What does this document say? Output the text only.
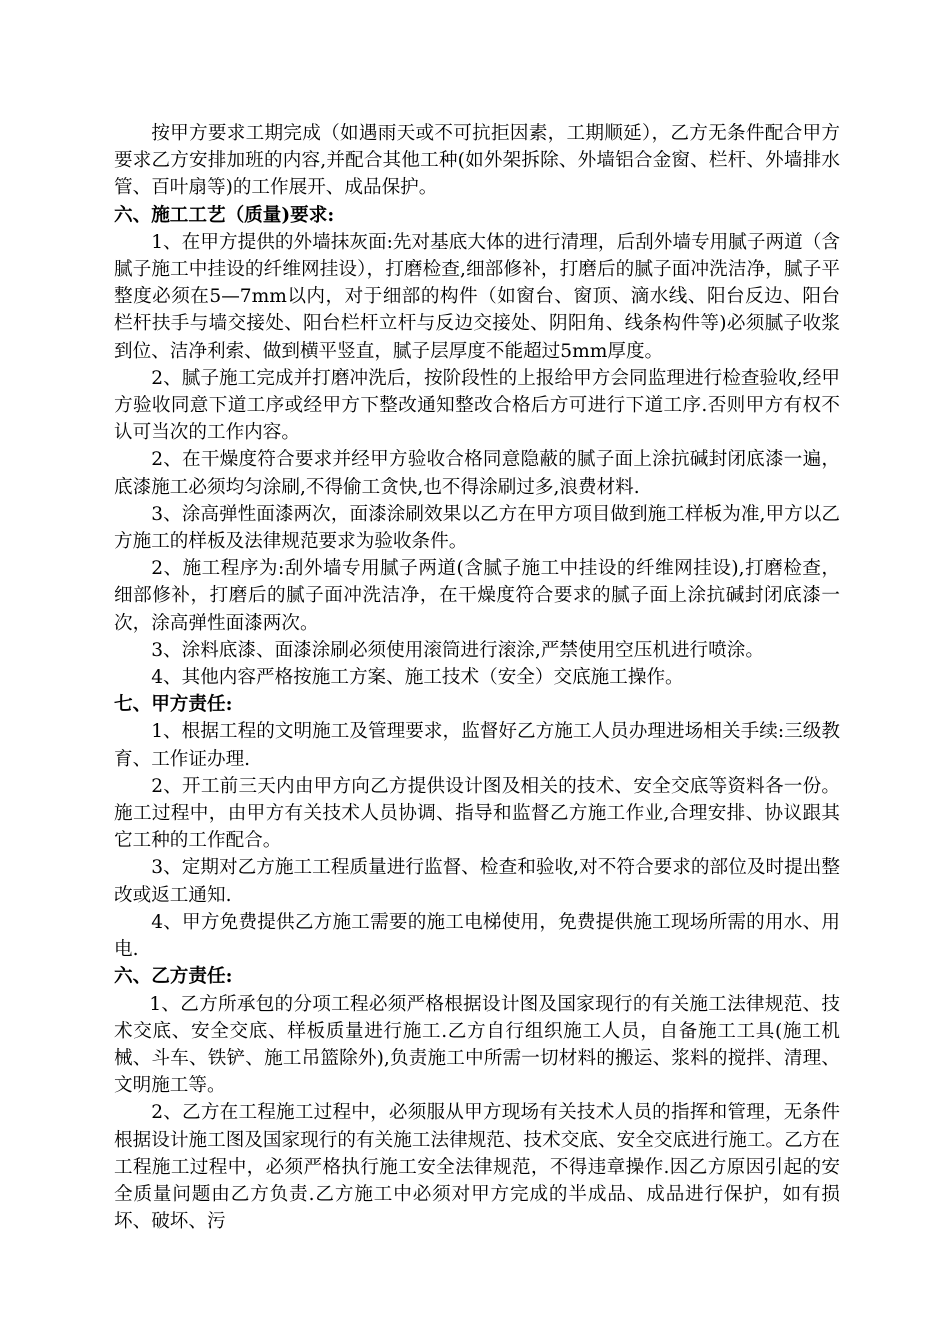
按甲方要求工期完成（如遇雨天或不可抗拒因素，工期顺延），乙方无条件配合甲方要求乙方安排加班的内容,并配合其他工种(如外架拆除、外墙铝合金窗、栏杆、外墙排水管、百叶扇等)的工作展开、成品保护。

六、施工工艺（质量)要求:

1、在甲方提供的外墙抹灰面:先对基底大体的进行清理，后刮外墙专用腻子两道（含腻子施工中挂设的纤维网挂设），打磨检查,细部修补，打磨后的腻子面冲洗洁净，腻子平整度必须在5—7mm以内，对于细部的构件（如窗台、窗顶、滴水线、阳台反边、阳台栏杆扶手与墙交接处、阳台栏杆立杆与反边交接处、阴阳角、线条构件等)必须腻子收浆到位、洁净利索、做到横平竖直，腻子层厚度不能超过5mm厚度。

2、腻子施工完成并打磨冲洗后，按阶段性的上报给甲方会同监理进行检查验收,经甲方验收同意下道工序或经甲方下整改通知整改合格后方可进行下道工序.否则甲方有权不认可当次的工作内容。

2、在干燥度符合要求并经甲方验收合格同意隐蔽的腻子面上涂抗碱封闭底漆一遍，底漆施工必须均匀涂刷,不得偷工贪快,也不得涂刷过多,浪费材料.

3、涂高弹性面漆两次，面漆涂刷效果以乙方在甲方项目做到施工样板为准,甲方以乙方施工的样板及法律规范要求为验收条件。

2、施工程序为:刮外墙专用腻子两道(含腻子施工中挂设的纤维网挂设),打磨检查，细部修补，打磨后的腻子面冲洗洁净，在干燥度符合要求的腻子面上涂抗碱封闭底漆一次，涂高弹性面漆两次。

3、涂料底漆、面漆涂刷必须使用滚筒进行滚涂,严禁使用空压机进行喷涂。

4、其他内容严格按施工方案、施工技术（安全）交底施工操作。

七、甲方责任:

1、根据工程的文明施工及管理要求，监督好乙方施工人员办理进场相关手续:三级教育、工作证办理.

2、开工前三天内由甲方向乙方提供设计图及相关的技术、安全交底等资料各一份。施工过程中，由甲方有关技术人员协调、指导和监督乙方施工作业,合理安排、协议跟其它工种的工作配合。

3、定期对乙方施工工程质量进行监督、检查和验收,对不符合要求的部位及时提出整改或返工通知.

4、甲方免费提供乙方施工需要的施工电梯使用，免费提供施工现场所需的用水、用电.

六、乙方责任:

1、乙方所承包的分项工程必须严格根据设计图及国家现行的有关施工法律规范、技术交底、安全交底、样板质量进行施工.乙方自行组织施工人员，自备施工工具(施工机械、斗车、铁铲、施工吊篮除外),负责施工中所需一切材料的搬运、浆料的搅拌、清理、文明施工等。

2、乙方在工程施工过程中，必须服从甲方现场有关技术人员的指挥和管理，无条件根据设计施工图及国家现行的有关施工法律规范、技术交底、安全交底进行施工。乙方在工程施工过程中，必须严格执行施工安全法律规范，不得违章操作.因乙方原因引起的安全质量问题由乙方负责.乙方施工中必须对甲方完成的半成品、成品进行保护，如有损坏、破坏、污
